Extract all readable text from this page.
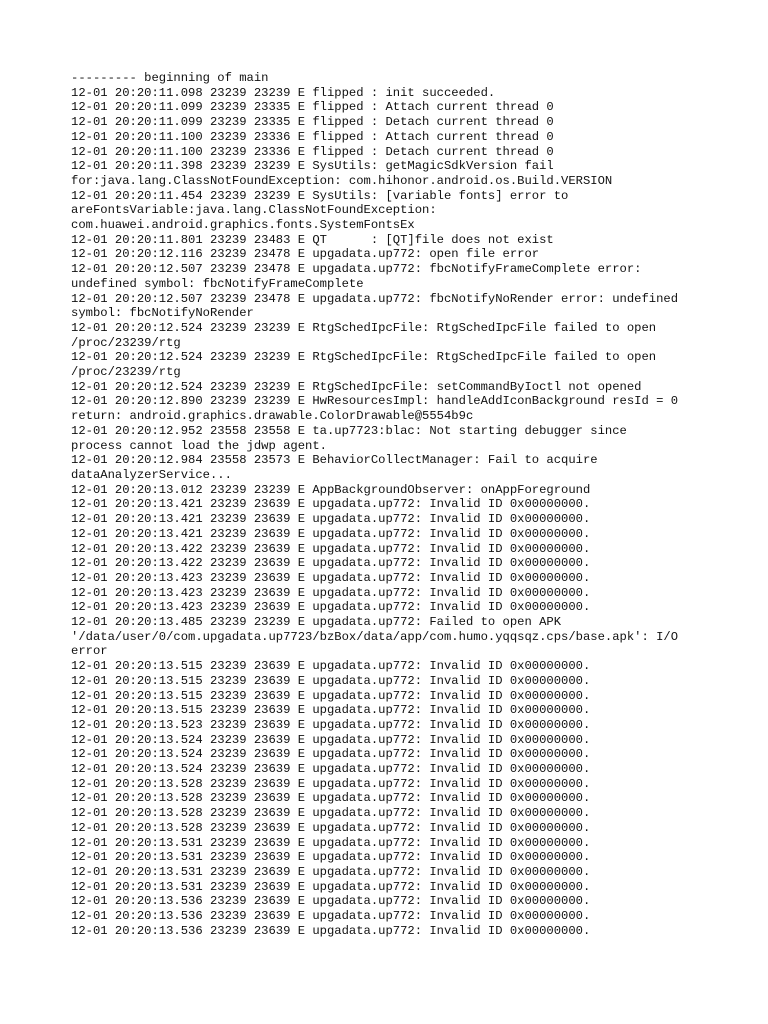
--------- beginning of main
12-01 20:20:11.098 23239 23239 E flipped : init succeeded.
12-01 20:20:11.099 23239 23335 E flipped : Attach current thread 0
12-01 20:20:11.099 23239 23335 E flipped : Detach current thread 0
12-01 20:20:11.100 23239 23336 E flipped : Attach current thread 0
12-01 20:20:11.100 23239 23336 E flipped : Detach current thread 0
12-01 20:20:11.398 23239 23239 E SysUtils: getMagicSdkVersion fail
for:java.lang.ClassNotFoundException: com.hihonor.android.os.Build.VERSION
12-01 20:20:11.454 23239 23239 E SysUtils: [variable fonts] error to
areFontsVariable:java.lang.ClassNotFoundException:
com.huawei.android.graphics.fonts.SystemFontsEx
12-01 20:20:11.801 23239 23483 E QT      : [QT]file does not exist
12-01 20:20:12.116 23239 23478 E upgadata.up772: open file error
12-01 20:20:12.507 23239 23478 E upgadata.up772: fbcNotifyFrameComplete error:
undefined symbol: fbcNotifyFrameComplete
12-01 20:20:12.507 23239 23478 E upgadata.up772: fbcNotifyNoRender error: undefined
symbol: fbcNotifyNoRender
12-01 20:20:12.524 23239 23239 E RtgSchedIpcFile: RtgSchedIpcFile failed to open
/proc/23239/rtg
12-01 20:20:12.524 23239 23239 E RtgSchedIpcFile: RtgSchedIpcFile failed to open
/proc/23239/rtg
12-01 20:20:12.524 23239 23239 E RtgSchedIpcFile: setCommandByIoctl not opened
12-01 20:20:12.890 23239 23239 E HwResourcesImpl: handleAddIconBackground resId = 0
return: android.graphics.drawable.ColorDrawable@5554b9c
12-01 20:20:12.952 23558 23558 E ta.up7723:blac: Not starting debugger since
process cannot load the jdwp agent.
12-01 20:20:12.984 23558 23573 E BehaviorCollectManager: Fail to acquire
dataAnalyzerService...
12-01 20:20:13.012 23239 23239 E AppBackgroundObserver: onAppForeground
12-01 20:20:13.421 23239 23639 E upgadata.up772: Invalid ID 0x00000000.
12-01 20:20:13.421 23239 23639 E upgadata.up772: Invalid ID 0x00000000.
12-01 20:20:13.421 23239 23639 E upgadata.up772: Invalid ID 0x00000000.
12-01 20:20:13.422 23239 23639 E upgadata.up772: Invalid ID 0x00000000.
12-01 20:20:13.422 23239 23639 E upgadata.up772: Invalid ID 0x00000000.
12-01 20:20:13.423 23239 23639 E upgadata.up772: Invalid ID 0x00000000.
12-01 20:20:13.423 23239 23639 E upgadata.up772: Invalid ID 0x00000000.
12-01 20:20:13.423 23239 23639 E upgadata.up772: Invalid ID 0x00000000.
12-01 20:20:13.485 23239 23239 E upgadata.up772: Failed to open APK
'/data/user/0/com.upgadata.up7723/bzBox/data/app/com.humo.yqqsqz.cps/base.apk': I/O
error
12-01 20:20:13.515 23239 23639 E upgadata.up772: Invalid ID 0x00000000.
12-01 20:20:13.515 23239 23639 E upgadata.up772: Invalid ID 0x00000000.
12-01 20:20:13.515 23239 23639 E upgadata.up772: Invalid ID 0x00000000.
12-01 20:20:13.515 23239 23639 E upgadata.up772: Invalid ID 0x00000000.
12-01 20:20:13.523 23239 23639 E upgadata.up772: Invalid ID 0x00000000.
12-01 20:20:13.524 23239 23639 E upgadata.up772: Invalid ID 0x00000000.
12-01 20:20:13.524 23239 23639 E upgadata.up772: Invalid ID 0x00000000.
12-01 20:20:13.524 23239 23639 E upgadata.up772: Invalid ID 0x00000000.
12-01 20:20:13.528 23239 23639 E upgadata.up772: Invalid ID 0x00000000.
12-01 20:20:13.528 23239 23639 E upgadata.up772: Invalid ID 0x00000000.
12-01 20:20:13.528 23239 23639 E upgadata.up772: Invalid ID 0x00000000.
12-01 20:20:13.528 23239 23639 E upgadata.up772: Invalid ID 0x00000000.
12-01 20:20:13.531 23239 23639 E upgadata.up772: Invalid ID 0x00000000.
12-01 20:20:13.531 23239 23639 E upgadata.up772: Invalid ID 0x00000000.
12-01 20:20:13.531 23239 23639 E upgadata.up772: Invalid ID 0x00000000.
12-01 20:20:13.531 23239 23639 E upgadata.up772: Invalid ID 0x00000000.
12-01 20:20:13.536 23239 23639 E upgadata.up772: Invalid ID 0x00000000.
12-01 20:20:13.536 23239 23639 E upgadata.up772: Invalid ID 0x00000000.
12-01 20:20:13.536 23239 23639 E upgadata.up772: Invalid ID 0x00000000.
